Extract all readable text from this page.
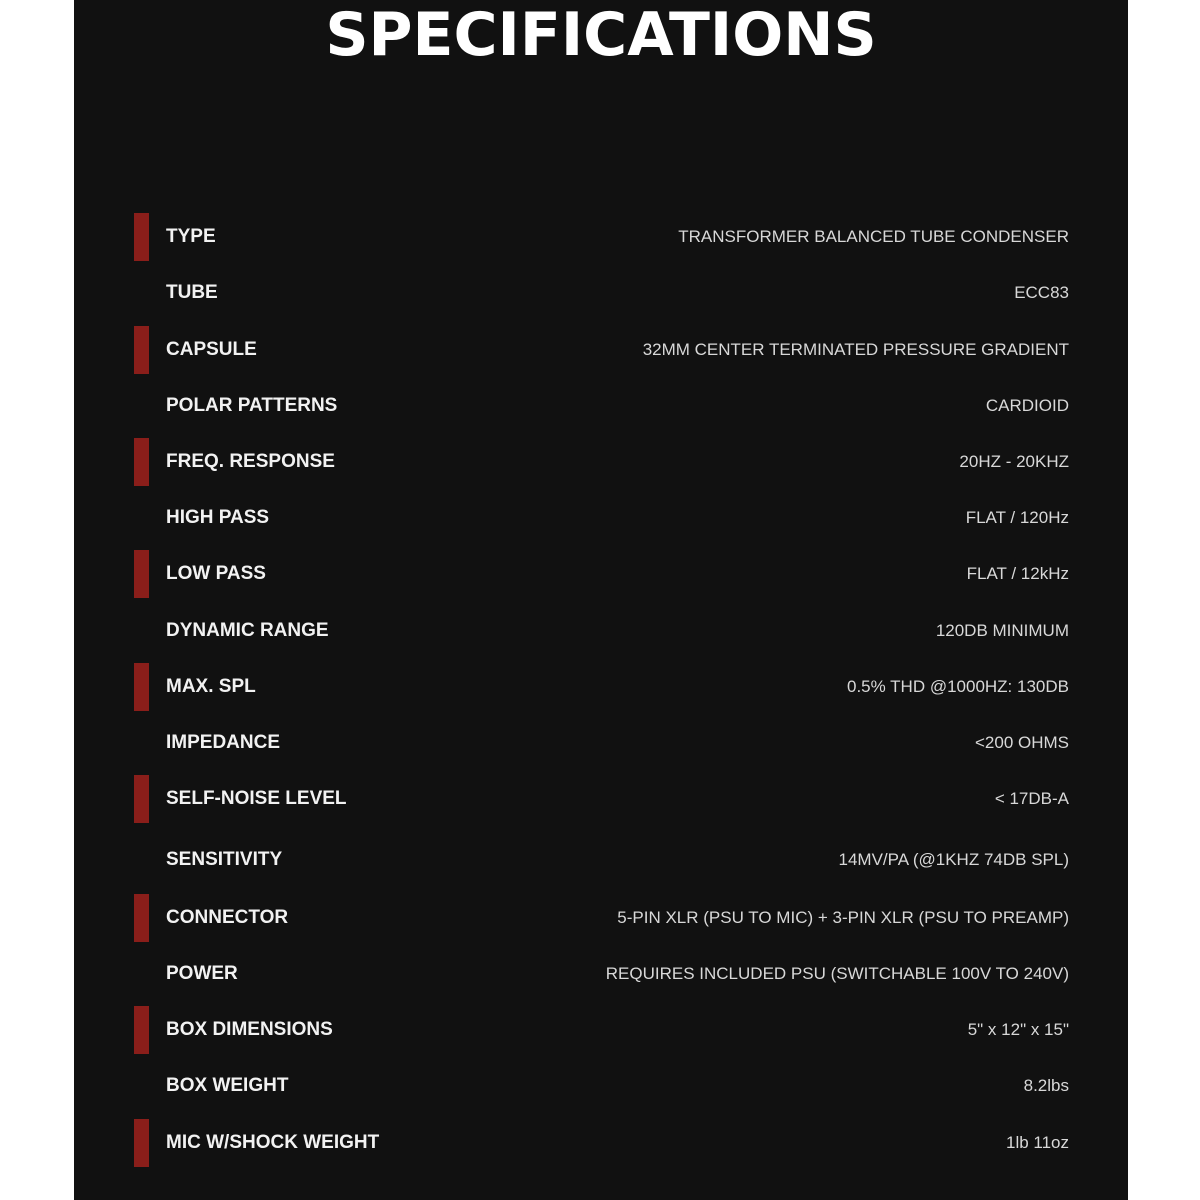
SPECIFICATIONS
TYPE	TRANSFORMER BALANCED TUBE CONDENSER
TUBE	ECC83
CAPSULE	32MM CENTER TERMINATED PRESSURE GRADIENT
POLAR PATTERNS	CARDIOID
FREQ. RESPONSE	20HZ - 20KHZ
HIGH PASS	FLAT / 120Hz
LOW PASS	FLAT / 12kHz
DYNAMIC RANGE	120DB MINIMUM
MAX. SPL	0.5% THD @1000HZ: 130DB
IMPEDANCE	<200 OHMS
SELF-NOISE LEVEL	< 17DB-A
SENSITIVITY	14MV/PA (@1KHZ 74DB SPL)
CONNECTOR	5-PIN XLR (PSU TO MIC) + 3-PIN XLR (PSU TO PREAMP)
POWER	REQUIRES INCLUDED PSU (SWITCHABLE 100V TO 240V)
BOX DIMENSIONS	5" x 12" x 15"
BOX WEIGHT	8.2lbs
MIC W/SHOCK WEIGHT	1lb 11oz
